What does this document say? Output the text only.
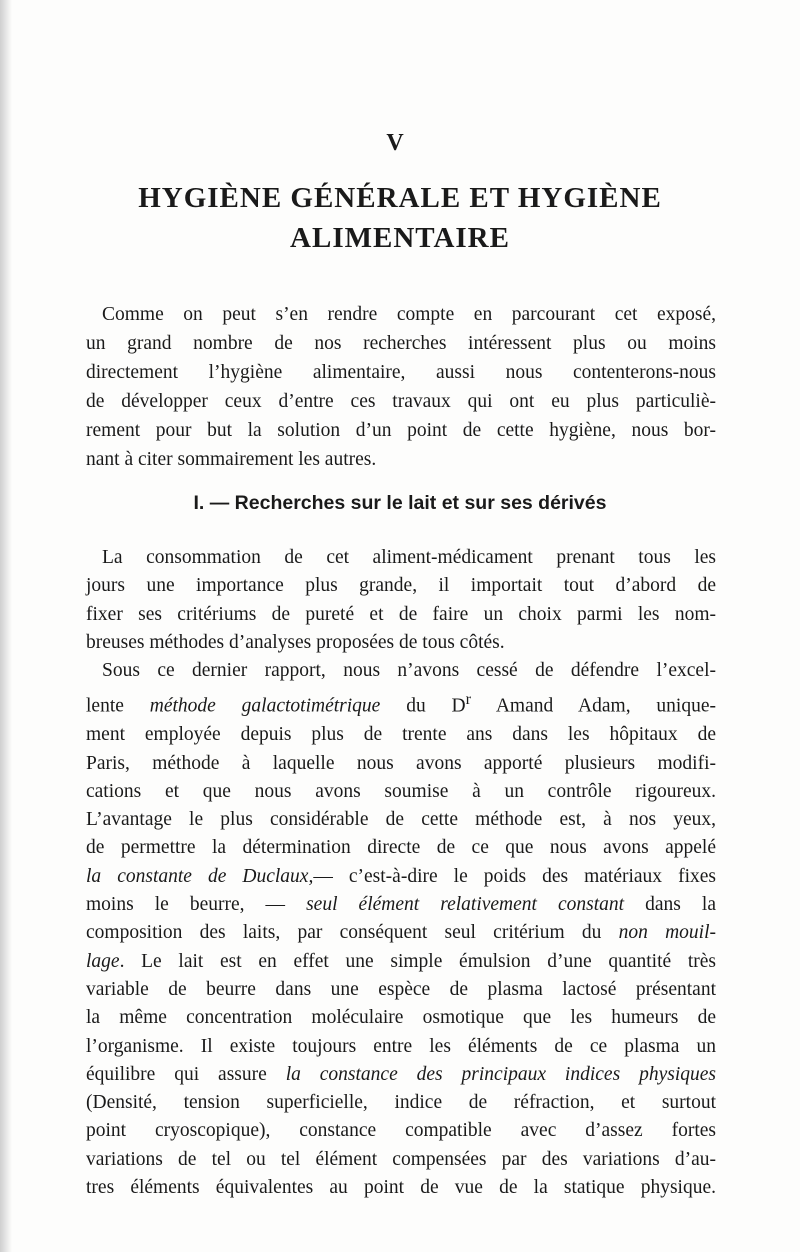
V
HYGIÈNE GÉNÉRALE ET HYGIÈNE
ALIMENTAIRE
Comme on peut s’en rendre compte en parcourant cet exposé,
un grand nombre de nos recherches intéressent plus ou moins
directement l’hygiène alimentaire, aussi nous contenterons-nous
de développer ceux d’entre ces travaux qui ont eu plus particuliè-
rement pour but la solution d’un point de cette hygiène, nous bor-
nant à citer sommairement les autres.
I. — Recherches sur le lait et sur ses dérivés
La consommation de cet aliment-médicament prenant tous les
jours une importance plus grande, il importait tout d’abord de
fixer ses critériums de pureté et de faire un choix parmi les nom-
breuses méthodes d’analyses proposées de tous côtés.
Sous ce dernier rapport, nous n’avons cessé de défendre l’excel-
lente méthode galactotimétrique du $D^r$ Amand Adam, unique-
ment employée depuis plus de trente ans dans les hôpitaux de
Paris, méthode à laquelle nous avons apporté plusieurs modifi-
cations et que nous avons soumise à un contrôle rigoureux.
L’avantage le plus considérable de cette méthode est, à nos yeux,
de permettre la détermination directe de ce que nous avons appelé
la constante de Duclaux,— c’est-à-dire le poids des matériaux fixes
moins le beurre, — seul élément relativement constant dans la
composition des laits, par conséquent seul critérium du non mouil-
lage. Le lait est en effet une simple émulsion d’une quantité très
variable de beurre dans une espèce de plasma lactosé présentant
la même concentration moléculaire osmotique que les humeurs de
l’organisme. Il existe toujours entre les éléments de ce plasma un
équilibre qui assure la constance des principaux indices physiques
(Densité, tension superficielle, indice de réfraction, et surtout
point cryoscopique), constance compatible avec d’assez fortes
variations de tel ou tel élément compensées par des variations d’au-
tres éléments équivalentes au point de vue de la statique physique.
